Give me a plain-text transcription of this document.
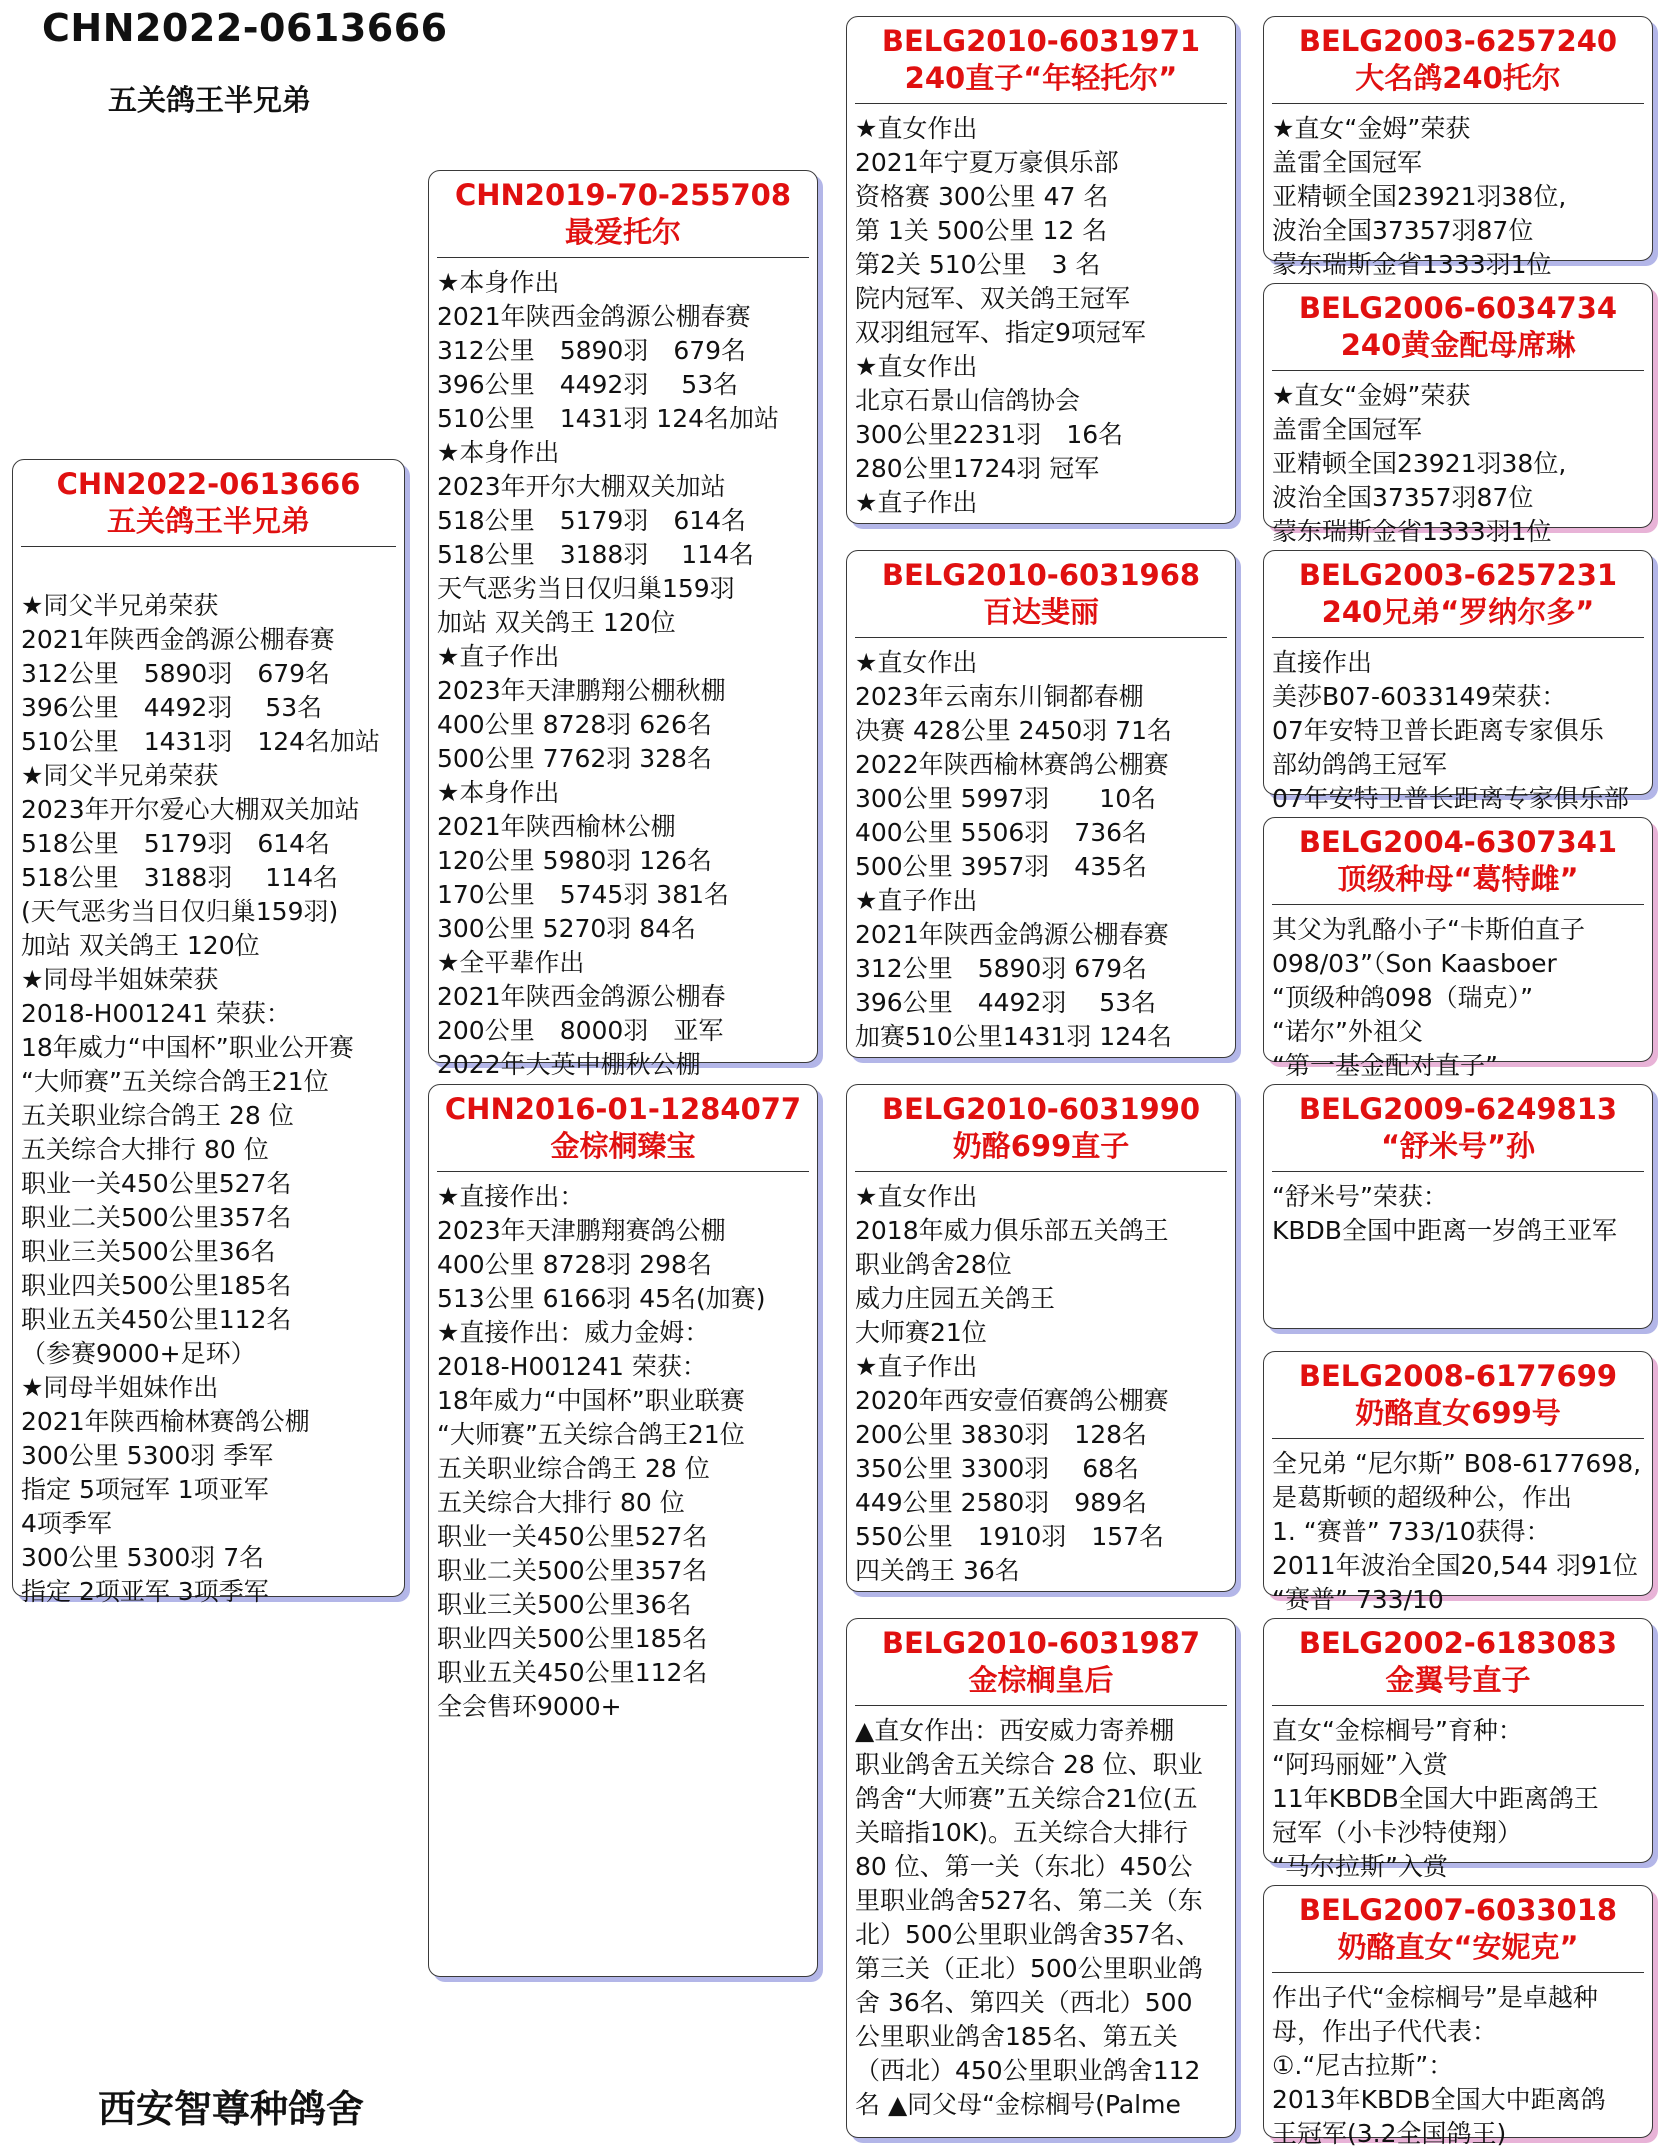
CHN2022-0613666
五关鸽王半兄弟
CHN2022-0613666
五关鸽王半兄弟

★同父半兄弟荣获
2021年陕西金鸽源公棚春赛
312公里　5890羽　679名
396公里　4492羽　 53名
510公里　1431羽　124名加站
★同父半兄弟荣获
2023年开尔爱心大棚双关加站
518公里　5179羽　614名
518公里　3188羽　 114名
(天气恶劣当日仅归巢159羽)
加站 双关鸽王 120位
★同母半姐妹荣获
2018-H001241 荣获：
18年威力“中国杯”职业公开赛
“大师赛”五关综合鸽王21位
五关职业综合鸽王 28 位
五关综合大排行 80 位
职业一关450公里527名
职业二关500公里357名
职业三关500公里36名
职业四关500公里185名
职业五关450公里112名
（参赛9000+足环）
★同母半姐妹作出
2021年陕西榆林赛鸽公棚
300公里 5300羽 季军
指定 5项冠军 1项亚军
4项季军
300公里 5300羽 7名
指定 2项亚军 3项季军
CHN2019-70-255708
最爱托尔
★本身作出
2021年陕西金鸽源公棚春赛
312公里　5890羽　679名
396公里　4492羽　 53名
510公里　1431羽 124名加站
★本身作出
2023年开尔大棚双关加站
518公里　5179羽　614名
518公里　3188羽　 114名
天气恶劣当日仅归巢159羽
加站 双关鸽王 120位
★直子作出
2023年天津鹏翔公棚秋棚
400公里 8728羽 626名
500公里 7762羽 328名
★本身作出
2021年陕西榆林公棚
120公里 5980羽 126名
170公里　5745羽 381名
300公里 5270羽 84名
★全平辈作出
2021年陕西金鸽源公棚春
200公里　8000羽　亚军
2022年大英中棚秋公棚
CHN2016-01-1284077
金棕桐臻宝
★直接作出：
2023年天津鹏翔赛鸽公棚
400公里 8728羽 298名
513公里 6166羽 45名(加赛)
★直接作出：威力金姆：
2018-H001241 荣获：
18年威力“中国杯”职业联赛
“大师赛”五关综合鸽王21位
五关职业综合鸽王 28 位
五关综合大排行 80 位
职业一关450公里527名
职业二关500公里357名
职业三关500公里36名
职业四关500公里185名
职业五关450公里112名
全会售环9000+
BELG2010-6031971
240直子“年轻托尔”
★直女作出
2021年宁夏万豪俱乐部
资格赛 300公里 47 名
第 1关 500公里 12 名
第2关 510公里　3 名
院内冠军、双关鸽王冠军
双羽组冠军、指定9项冠军
★直女作出
北京石景山信鸽协会
300公里2231羽　16名
280公里1724羽 冠军
★直子作出
BELG2010-6031968
百达斐丽
★直女作出
2023年云南东川铜都春棚
决赛 428公里 2450羽 71名
2022年陕西榆林赛鸽公棚赛
300公里 5997羽　　10名
400公里 5506羽　736名
500公里 3957羽　435名
★直子作出
2021年陕西金鸽源公棚春赛
312公里　5890羽 679名
396公里　4492羽　 53名
加赛510公里1431羽 124名
BELG2010-6031990
奶酪699直子
★直女作出
2018年威力俱乐部五关鸽王
职业鸽舍28位
威力庄园五关鸽王
大师赛21位
★直子作出
2020年西安壹佰赛鸽公棚赛
200公里 3830羽　128名
350公里 3300羽　 68名
449公里 2580羽　989名
550公里　1910羽　157名
四关鸽王 36名
BELG2010-6031987
金棕榈皇后
▲直女作出：西安威力寄养棚
职业鸽舍五关综合 28 位、职业
鸽舍“大师赛”五关综合21位(五
关暗指10K)。五关综合大排行
80 位、第一关（东北）450公
里职业鸽舍527名、第二关（东
北）500公里职业鸽舍357名、
第三关（正北）500公里职业鸽
舍 36名、第四关（西北）500
公里职业鸽舍185名、第五关
（西北）450公里职业鸽舍112
名 ▲同父母“金棕榈号(Palme
BELG2003-6257240
大名鸽240托尔
★直女“金姆”荣获
盖雷全国冠军
亚精顿全国23921羽38位,
波治全国37357羽87位
蒙东瑞斯金省1333羽1位
BELG2006-6034734
240黄金配母席琳
★直女“金姆”荣获
盖雷全国冠军
亚精顿全国23921羽38位,
波治全国37357羽87位
蒙东瑞斯金省1333羽1位
BELG2003-6257231
240兄弟“罗纳尔多”
直接作出
美莎B07-6033149荣获：
07年安特卫普长距离专家俱乐
部幼鸽鸽王冠军
07年安特卫普长距离专家俱乐部
BELG2004-6307341
顶级种母“葛特雌”
其父为乳酪小子“卡斯伯直子
098/03”（Son Kaasboer
“顶级种鸽098（瑞克）”
“诺尔”外祖父
“第一基金配对直子”
BELG2009-6249813
“舒米号”孙
“舒米号”荣获：
KBDB全国中距离一岁鸽王亚军
BELG2008-6177699
奶酪直女699号
全兄弟 “尼尔斯” B08-6177698,
是葛斯顿的超级种公，作出
1. “赛普” 733/10获得：
2011年波治全国20,544 羽91位
“赛普” 733/10
BELG2002-6183083
金翼号直子
直女“金棕榈号”育种：
“阿玛丽娅”入赏
11年KBDB全国大中距离鸽王
冠军（小卡沙特使翔）
“马尔拉斯”入赏
BELG2007-6033018
奶酪直女“安妮克”
作出子代“金棕榈号”是卓越种
母，作出子代代表：
①.“尼古拉斯”：
2013年KBDB全国大中距离鸽
王冠军(3.2全国鸽王)
西安智尊种鸽舍
